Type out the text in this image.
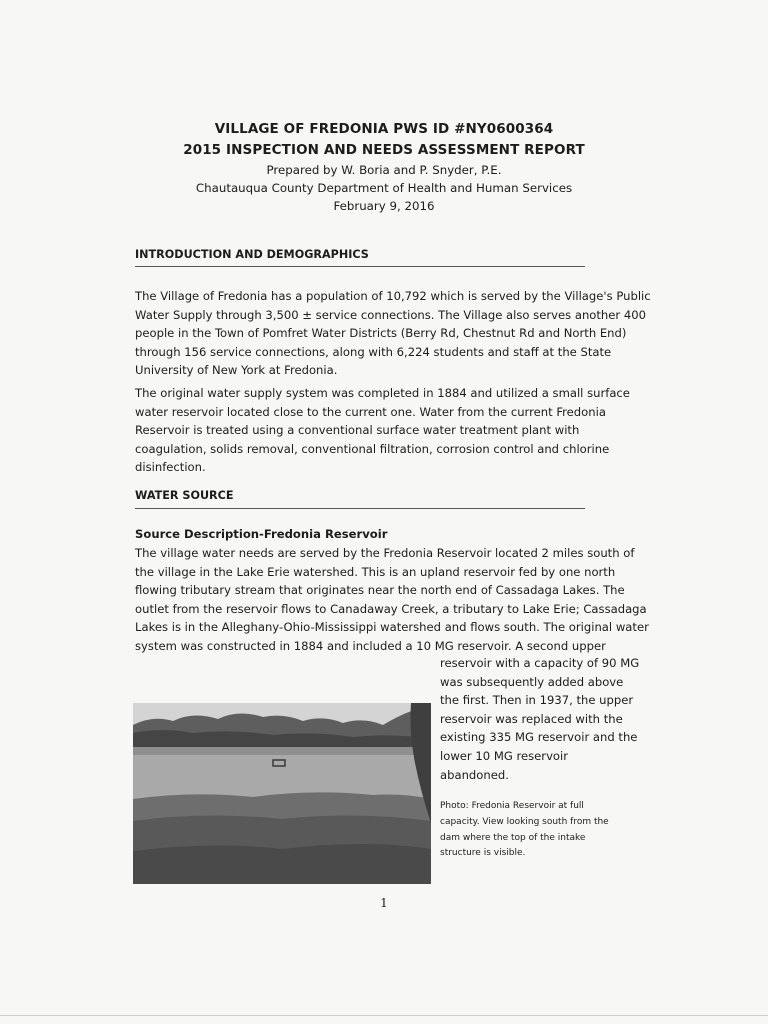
VILLAGE OF FREDONIA PWS ID #NY0600364
2015 INSPECTION AND NEEDS ASSESSMENT REPORT
Prepared by W. Boria and P. Snyder, P.E.
Chautauqua County Department of Health and Human Services
February 9, 2016
INTRODUCTION AND DEMOGRAPHICS

The Village of Fredonia has a population of 10,792 which is served by the Village's Public
Water Supply through 3,500 ± service connections. The Village also serves another 400
people in the Town of Pomfret Water Districts (Berry Rd, Chestnut Rd and North End)
through 156 service connections, along with 6,224 students and staff at the State
University of New York at Fredonia.

The original water supply system was completed in 1884 and utilized a small surface
water reservoir located close to the current one. Water from the current Fredonia
Reservoir is treated using a conventional surface water treatment plant with
coagulation, solids removal, conventional filtration, corrosion control and chlorine
disinfection.

WATER SOURCE
Source Description-Fredonia Reservoir

The village water needs are served by the Fredonia Reservoir located 2 miles south of
the village in the Lake Erie watershed. This is an upland reservoir fed by one north
flowing tributary stream that originates near the north end of Cassadaga Lakes. The
outlet from the reservoir flows to Canadaway Creek, a tributary to Lake Erie; Cassadaga
Lakes is in the Alleghany-Ohio-Mississippi watershed and flows south. The original water
system was constructed in 1884 and included a 10 MG reservoir. A second upper

reservoir with a capacity of 90 MG
was subsequently added above
the first. Then in 1937, the upper
reservoir was replaced with the
existing 335 MG reservoir and the
lower 10 MG reservoir
abandoned.

Photo: Fredonia Reservoir at full
capacity. View looking south from the
dam where the top of the intake
structure is visible.

1
